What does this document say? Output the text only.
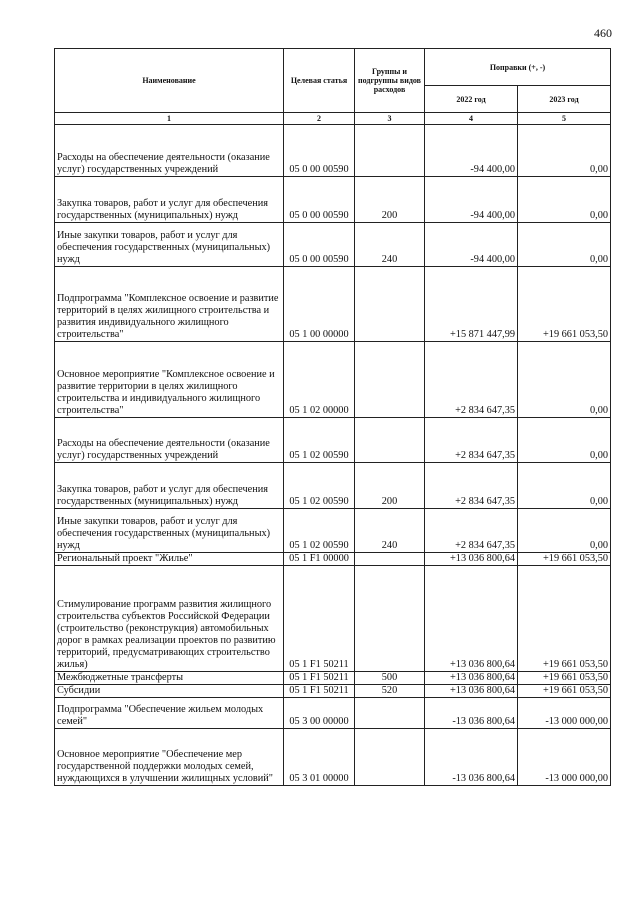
460
Наименование	Целевая статья	Группы и подгруппы видов расходов	Поправки (+, -)	
			2022 год	2023 год
1	2	3	4	5
Расходы на обеспечение деятельности (оказание услуг) государственных учреждений	05 0 00 00590		-94 400,00	0,00
Закупка товаров, работ и услуг для обеспечения государственных (муниципальных) нужд	05 0 00 00590	200	-94 400,00	0,00
Иные закупки товаров, работ и услуг для обеспечения государственных (муниципальных) нужд	05 0 00 00590	240	-94 400,00	0,00
Подпрограмма "Комплексное освоение и развитие территорий в целях жилищного строительства и развития индивидуального жилищного строительства"	05 1 00 00000		+15 871 447,99	+19 661 053,50
Основное мероприятие "Комплексное освоение и развитие территории в целях жилищного строительства и индивидуального жилищного строительства"	05 1 02 00000		+2 834 647,35	0,00
Расходы на обеспечение деятельности (оказание услуг) государственных учреждений	05 1 02 00590		+2 834 647,35	0,00
Закупка товаров, работ и услуг для обеспечения государственных (муниципальных) нужд	05 1 02 00590	200	+2 834 647,35	0,00
Иные закупки товаров, работ и услуг для обеспечения государственных (муниципальных) нужд	05 1 02 00590	240	+2 834 647,35	0,00
Региональный проект "Жилье"	05 1 F1 00000		+13 036 800,64	+19 661 053,50
Стимулирование программ развития жилищного строительства субъектов Российской Федерации (строительство (реконструкция) автомобильных дорог в рамках реализации проектов по развитию территорий, предусматривающих строительство жилья)	05 1 F1 50211		+13 036 800,64	+19 661 053,50
Межбюджетные трансферты	05 1 F1 50211	500	+13 036 800,64	+19 661 053,50
Субсидии	05 1 F1 50211	520	+13 036 800,64	+19 661 053,50
Подпрограмма "Обеспечение жильем молодых семей"	05 3 00 00000		-13 036 800,64	-13 000 000,00
Основное мероприятие "Обеспечение мер государственной поддержки молодых семей, нуждающихся в улучшении жилищных условий"	05 3 01 00000		-13 036 800,64	-13 000 000,00
